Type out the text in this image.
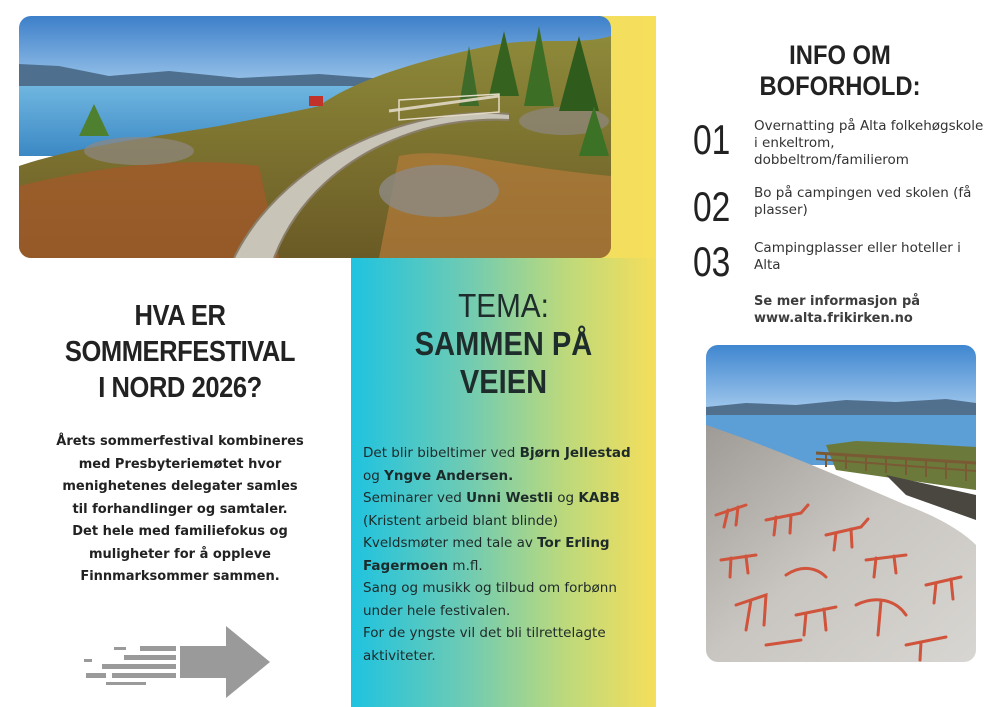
HVA ER
SOMMERFESTIVAL
I NORD 2026?
Årets sommerfestival kombineres
med Presbyteriemøtet hvor
menighetenes delegater samles
til forhandlinger og samtaler.
Det hele med familiefokus og
muligheter for å oppleve
Finnmarksommer sammen.
TEMA:
SAMMEN PÅ
VEIEN

Det blir bibeltimer ved Bjørn Jellestad og Yngve Andersen.

Seminarer ved Unni Westli og KABB (Kristent arbeid blant blinde)

Kveldsmøter med tale av Tor Erling Fagermoen m.fl.

Sang og musikk og tilbud om forbønn under hele festivalen.

For de yngste vil det bli tilrettelagte aktiviteter.

INFO OM
BOFORHOLD:
01 Overnatting på Alta folkehøgskole i enkeltrom, dobbeltrom/familierom
02 Bo på campingen ved skolen (få plasser)
03 Campingplasser eller hoteller i Alta
Se mer informasjon på
www.alta.frikirken.no
